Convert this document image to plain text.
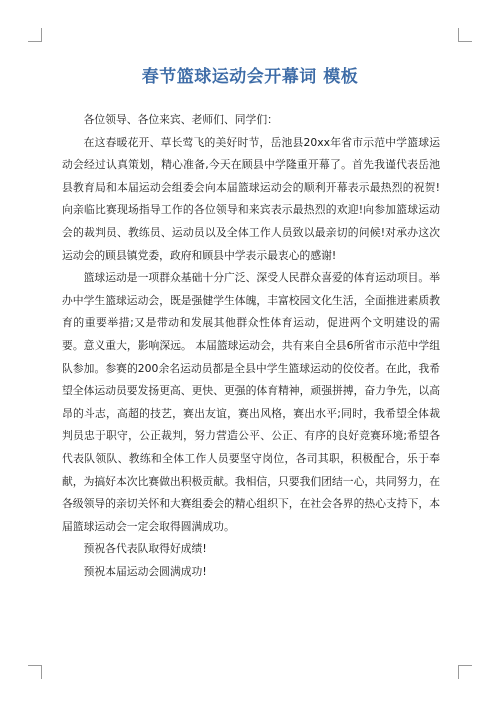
春节篮球运动会开幕词 模板

各位领导、各位来宾、老师们、同学们：

在这春暖花开、草长莺飞的美好时节，岳池县20xx年省市示范中学篮球运动会经过认真策划，精心准备,今天在顾县中学隆重开幕了。首先我谨代表岳池县教育局和本届运动会组委会向本届篮球运动会的顺利开幕表示最热烈的祝贺!向亲临比赛现场指导工作的各位领导和来宾表示最热烈的欢迎!向参加篮球运动会的裁判员、教练员、运动员以及全体工作人员致以最亲切的问候!对承办这次运动会的顾县镇党委，政府和顾县中学表示最衷心的感谢!

篮球运动是一项群众基础十分广泛、深受人民群众喜爱的体育运动项目。举办中学生篮球运动会，既是强健学生体魄，丰富校园文化生活，全面推进素质教育的重要举措;又是带动和发展其他群众性体育运动，促进两个文明建设的需要。意义重大，影响深远。 本届篮球运动会，共有来自全县6所省市示范中学组队参加。参赛的200余名运动员都是全县中学生篮球运动的佼佼者。在此，我希望全体运动员要发扬更高、更快、更强的体育精神，顽强拼搏，奋力争先，以高昂的斗志，高超的技艺，赛出友谊，赛出风格，赛出水平;同时，我希望全体裁判员忠于职守，公正裁判，努力营造公平、公正、有序的良好竞赛环境;希望各代表队领队、教练和全体工作人员要坚守岗位，各司其职，积极配合，乐于奉献，为搞好本次比赛做出积极贡献。我相信，只要我们团结一心，共同努力，在各级领导的亲切关怀和大赛组委会的精心组织下，在社会各界的热心支持下，本届篮球运动会一定会取得圆满成功。

预祝各代表队取得好成绩!

预祝本届运动会圆满成功!
